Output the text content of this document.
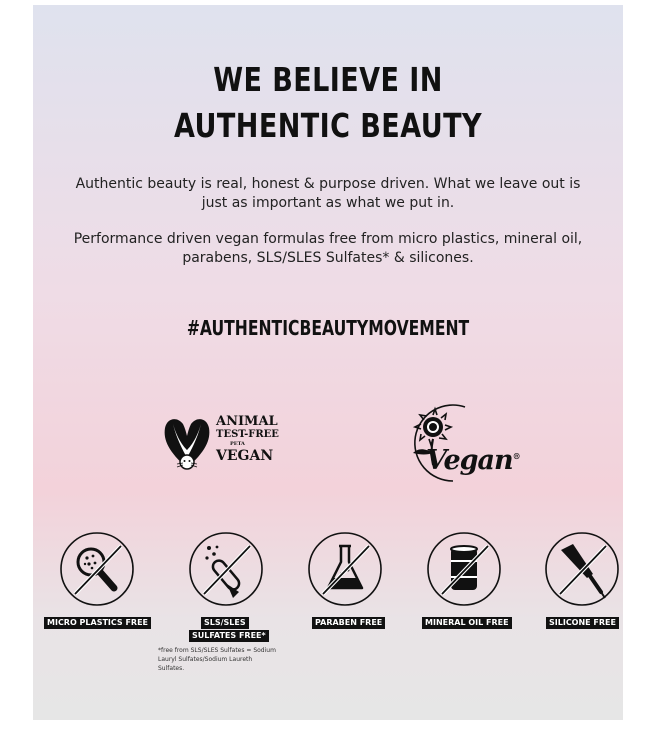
WE BELIEVE IN
AUTHENTIC BEAUTY

Authentic beauty is real, honest & purpose driven. What we leave out is just as important as what we put in.

Performance driven vegan formulas free from micro plastics, mineral oil, parabens, SLS/SLES Sulfates* & silicones.

#AUTHENTICBEAUTYMOVEMENT

ANIMAL
TEST-FREE
PETA
VEGAN	Vegan®
MICRO PLASTICS FREE	SLS/SLES
SULFATES FREE*
PARABEN FREE	MINERAL OIL FREE	SILICONE FREE
*free from SLS/SLES Sulfates = Sodium
Lauryl Sulfates/Sodium Laureth Sulfates.
